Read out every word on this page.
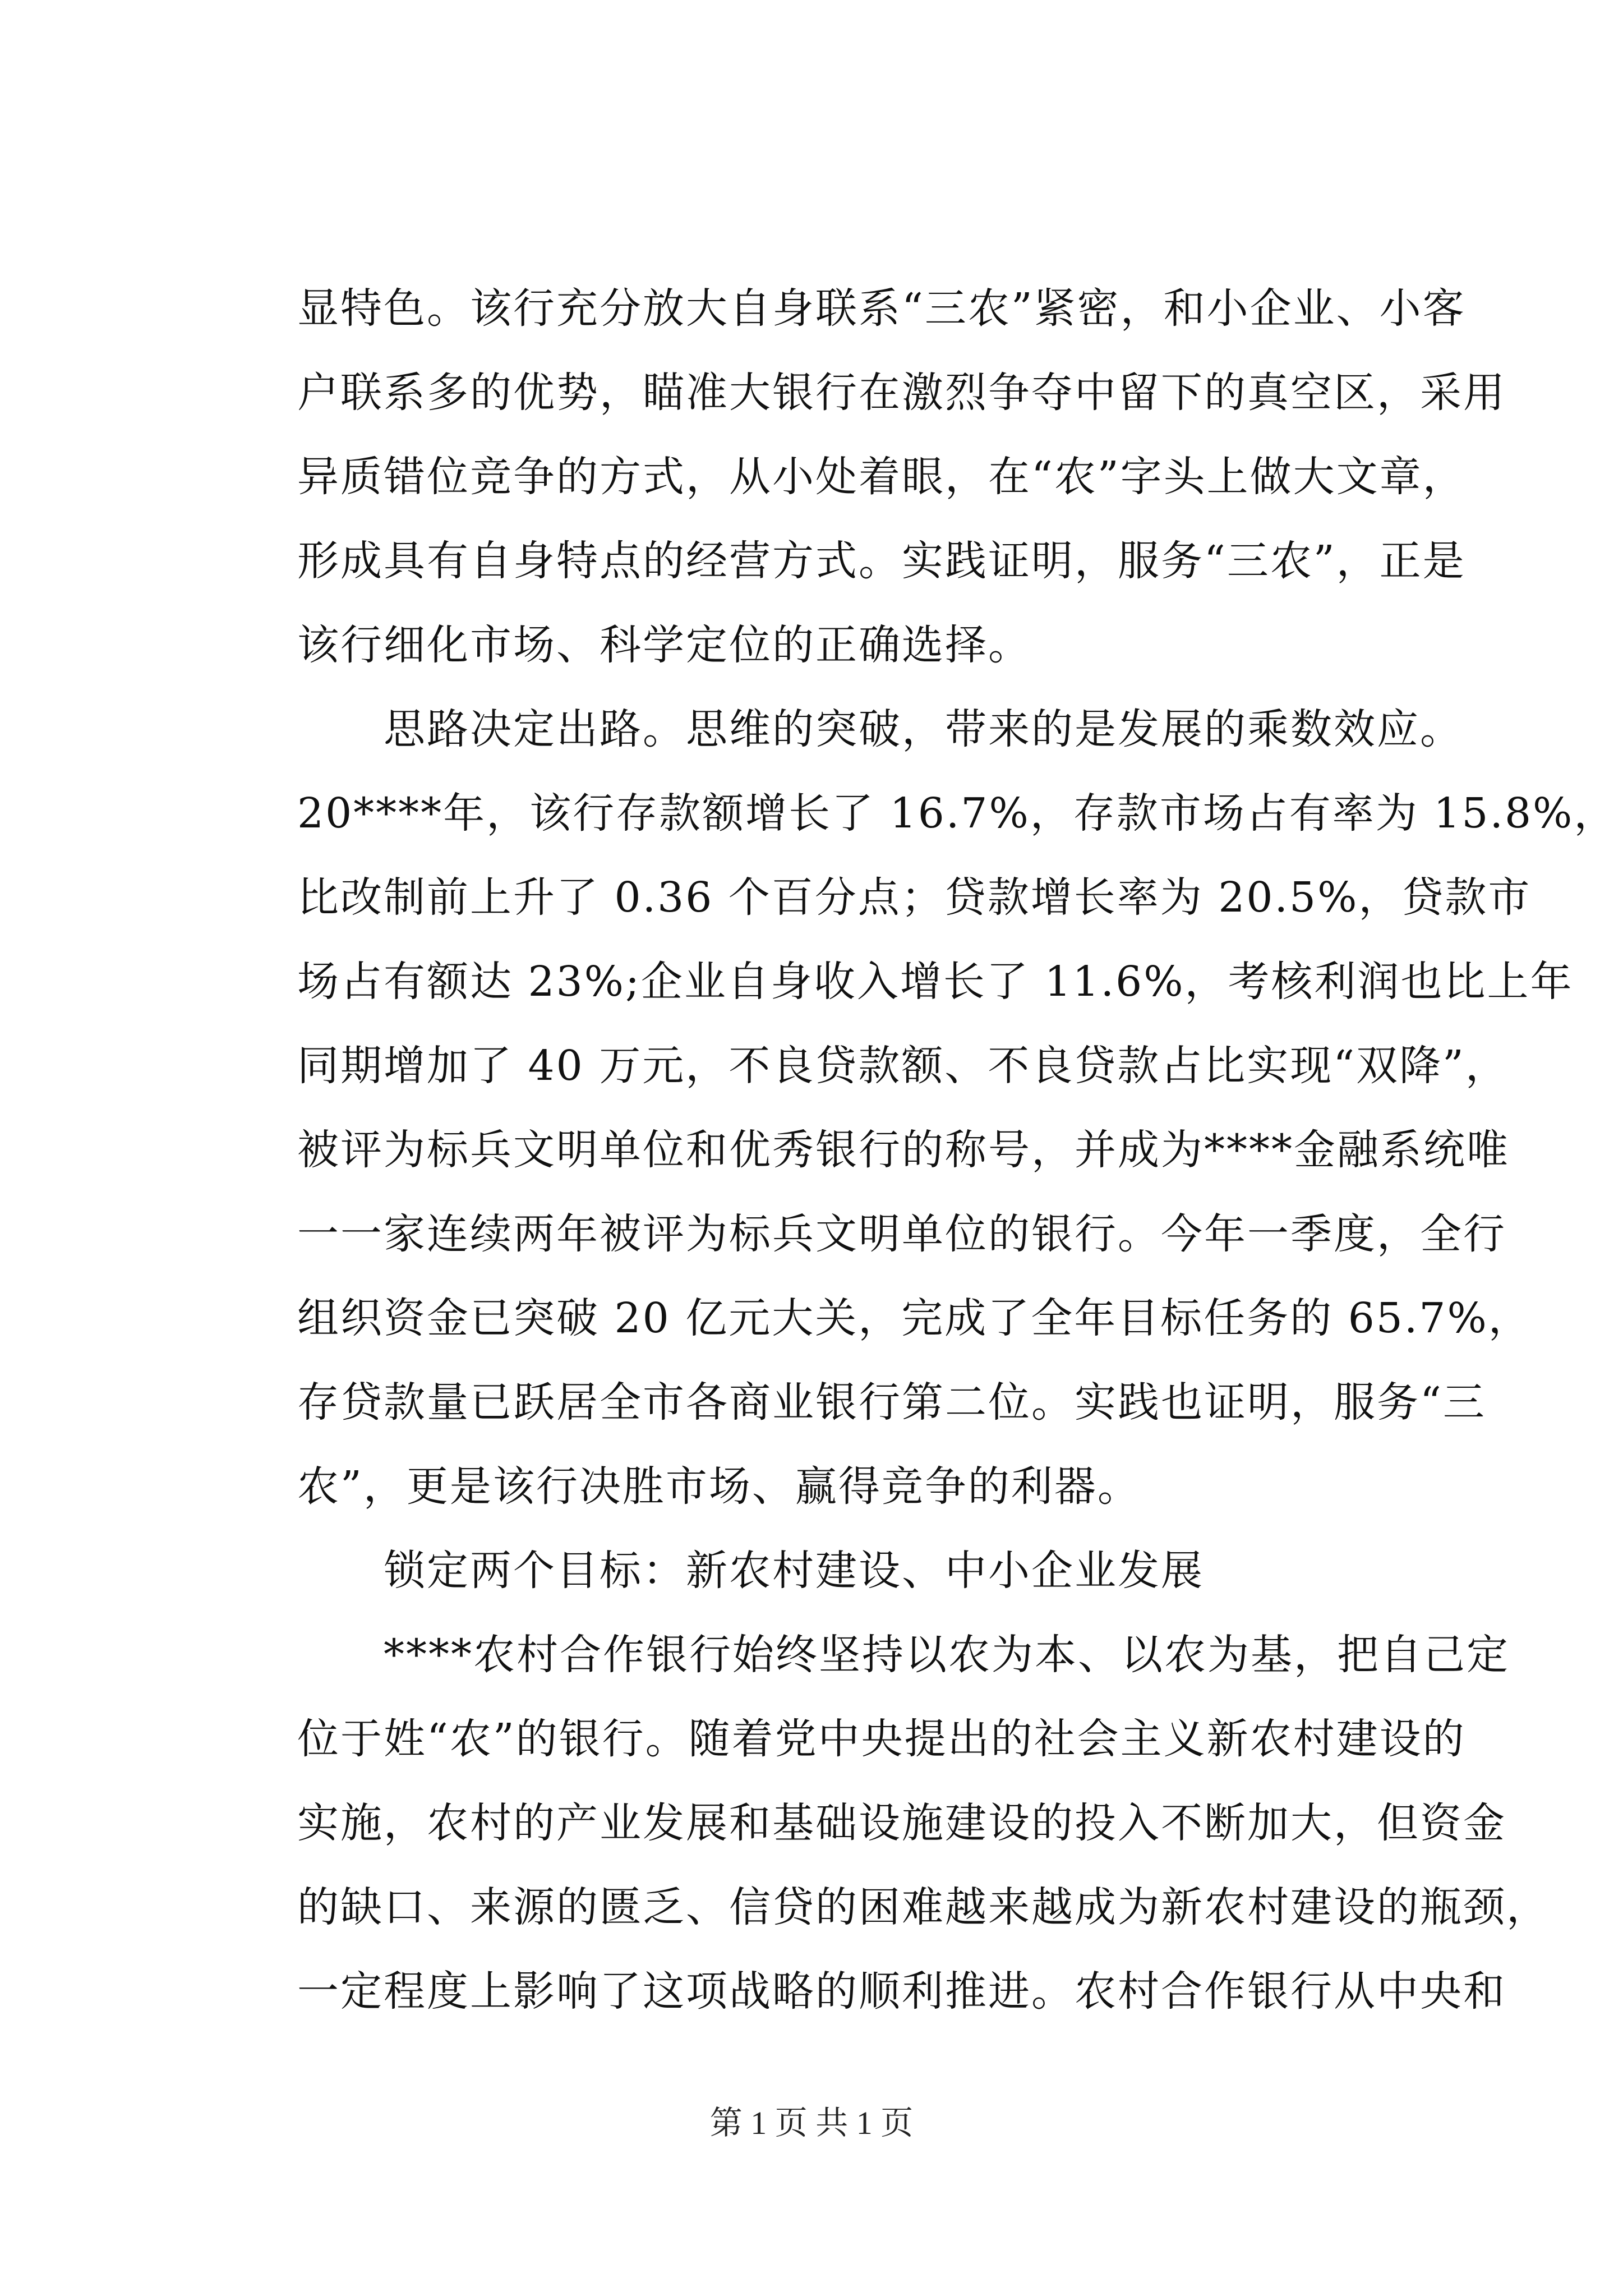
显特色。该行充分放大自身联系“三农”紧密，和小企业、小客
户联系多的优势，瞄准大银行在激烈争夺中留下的真空区，采用
异质错位竞争的方式，从小处着眼，在“农”字头上做大文章，
形成具有自身特点的经营方式。实践证明，服务“三农”，正是
该行细化市场、科学定位的正确选择。
　　思路决定出路。思维的突破，带来的是发展的乘数效应。
20****年，该行存款额增长了 16.7%，存款市场占有率为 15.8%，
比改制前上升了 0.36 个百分点；贷款增长率为 20.5%，贷款市
场占有额达 23%;企业自身收入增长了 11.6%，考核利润也比上年
同期增加了 40 万元，不良贷款额、不良贷款占比实现“双降”，
被评为标兵文明单位和优秀银行的称号，并成为****金融系统唯
一一家连续两年被评为标兵文明单位的银行。今年一季度，全行
组织资金已突破 20 亿元大关，完成了全年目标任务的 65.7%，
存贷款量已跃居全市各商业银行第二位。实践也证明，服务“三
农”，更是该行决胜市场、赢得竞争的利器。
　　锁定两个目标：新农村建设、中小企业发展
　　****农村合作银行始终坚持以农为本、以农为基，把自己定
位于姓“农”的银行。随着党中央提出的社会主义新农村建设的
实施，农村的产业发展和基础设施建设的投入不断加大，但资金
的缺口、来源的匮乏、信贷的困难越来越成为新农村建设的瓶颈，
一定程度上影响了这项战略的顺利推进。农村合作银行从中央和
第 1 页 共 1 页
